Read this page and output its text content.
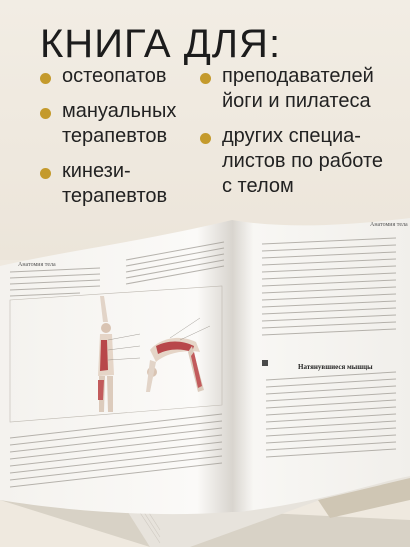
КНИГА ДЛЯ:
остеопатов
мануальных
терапевтов
кинези-
терапевтов
преподавателей
йоги и пилатеса
других специа-
листов по работе
с телом
Анатомия тела
Анатомия тела
Натянувшиеся мышцы
